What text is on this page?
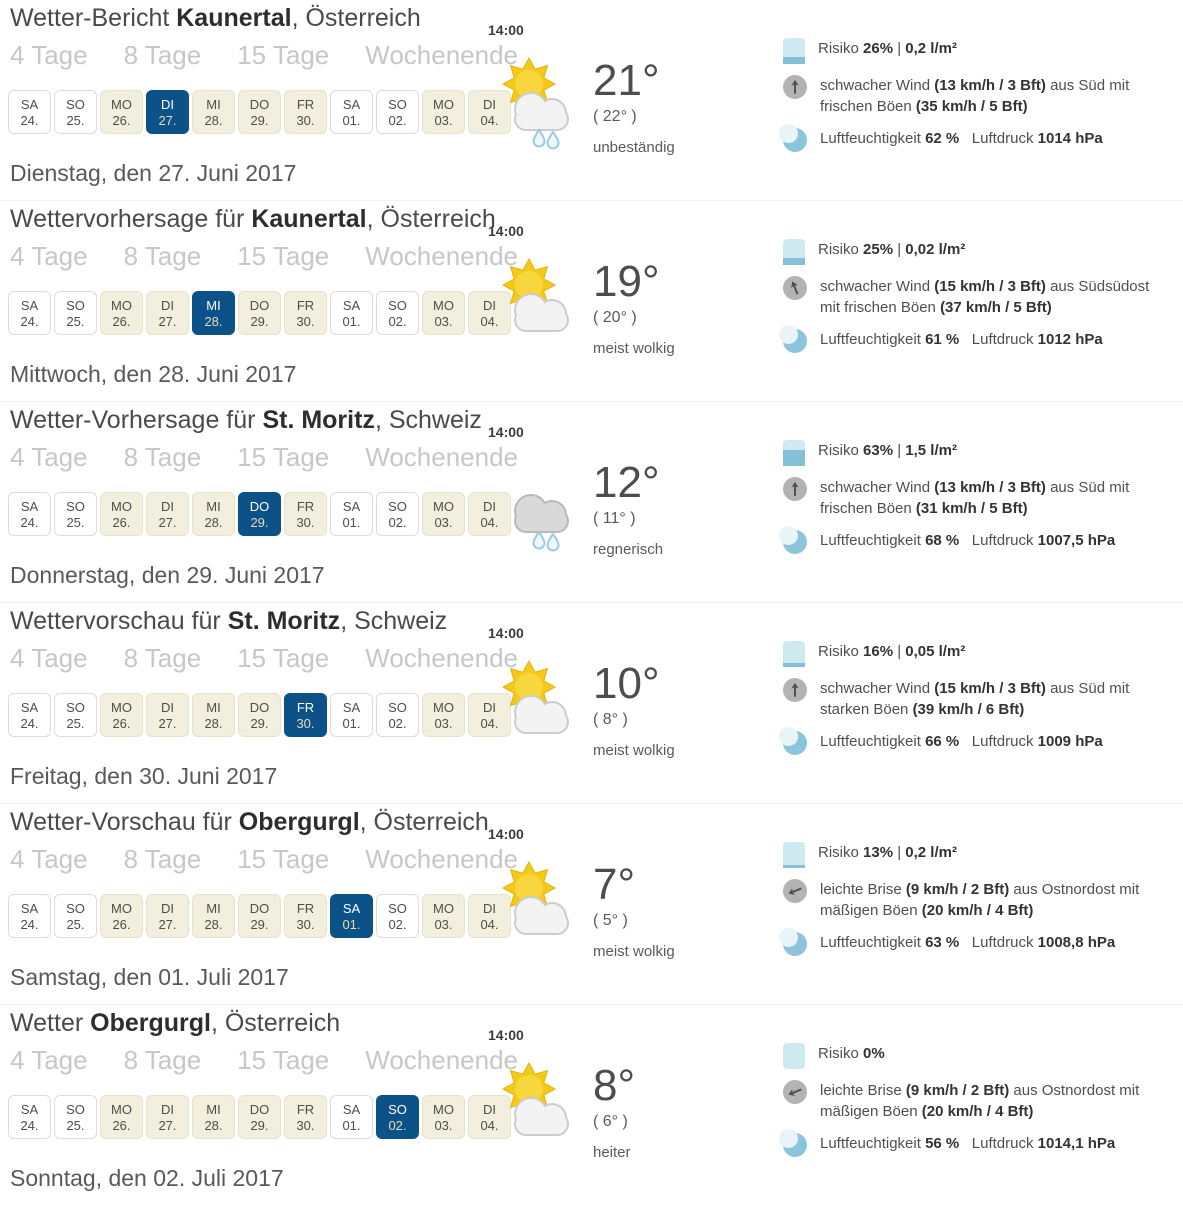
Wetter-Bericht Kaunertal, Österreich
4 Tage 8 Tage 15 Tage Wochenende
SA
24.
SO
25.
MO
26.
DI
27.
MI
28.
DO
29.
FR
30.
SA
01.
SO
02.
MO
03.
DI
04.
Dienstag, den 27. Juni 2017
14:00
21°
( 22° )
unbeständig
Risiko 26% | 0,2 l/m²
schwacher Wind (13 km/h / 3 Bft) aus Süd mit frischen Böen (35 km/h / 5 Bft)
Luftfeuchtigkeit 62 %   Luftdruck 1014 hPa
Wettervorhersage für Kaunertal, Österreich
4 Tage 8 Tage 15 Tage Wochenende
SA
24.
SO
25.
MO
26.
DI
27.
MI
28.
DO
29.
FR
30.
SA
01.
SO
02.
MO
03.
DI
04.
Mittwoch, den 28. Juni 2017
14:00
19°
( 20° )
meist wolkig
Risiko 25% | 0,02 l/m²
schwacher Wind (15 km/h / 3 Bft) aus Südsüdost mit frischen Böen (37 km/h / 5 Bft)
Luftfeuchtigkeit 61 %   Luftdruck 1012 hPa
Wetter-Vorhersage für St. Moritz, Schweiz
4 Tage 8 Tage 15 Tage Wochenende
SA
24.
SO
25.
MO
26.
DI
27.
MI
28.
DO
29.
FR
30.
SA
01.
SO
02.
MO
03.
DI
04.
Donnerstag, den 29. Juni 2017
14:00
12°
( 11° )
regnerisch
Risiko 63% | 1,5 l/m²
schwacher Wind (13 km/h / 3 Bft) aus Süd mit frischen Böen (31 km/h / 5 Bft)
Luftfeuchtigkeit 68 %   Luftdruck 1007,5 hPa
Wettervorschau für St. Moritz, Schweiz
4 Tage 8 Tage 15 Tage Wochenende
SA
24.
SO
25.
MO
26.
DI
27.
MI
28.
DO
29.
FR
30.
SA
01.
SO
02.
MO
03.
DI
04.
Freitag, den 30. Juni 2017
14:00
10°
( 8° )
meist wolkig
Risiko 16% | 0,05 l/m²
schwacher Wind (15 km/h / 3 Bft) aus Süd mit starken Böen (39 km/h / 6 Bft)
Luftfeuchtigkeit 66 %   Luftdruck 1009 hPa
Wetter-Vorschau für Obergurgl, Österreich
4 Tage 8 Tage 15 Tage Wochenende
SA
24.
SO
25.
MO
26.
DI
27.
MI
28.
DO
29.
FR
30.
SA
01.
SO
02.
MO
03.
DI
04.
Samstag, den 01. Juli 2017
14:00
7°
( 5° )
meist wolkig
Risiko 13% | 0,2 l/m²
leichte Brise (9 km/h / 2 Bft) aus Ostnordost mit mäßigen Böen (20 km/h / 4 Bft)
Luftfeuchtigkeit 63 %   Luftdruck 1008,8 hPa
Wetter Obergurgl, Österreich
4 Tage 8 Tage 15 Tage Wochenende
SA
24.
SO
25.
MO
26.
DI
27.
MI
28.
DO
29.
FR
30.
SA
01.
SO
02.
MO
03.
DI
04.
Sonntag, den 02. Juli 2017
14:00
8°
( 6° )
heiter
Risiko 0%
leichte Brise (9 km/h / 2 Bft) aus Ostnordost mit mäßigen Böen (20 km/h / 4 Bft)
Luftfeuchtigkeit 56 %   Luftdruck 1014,1 hPa
